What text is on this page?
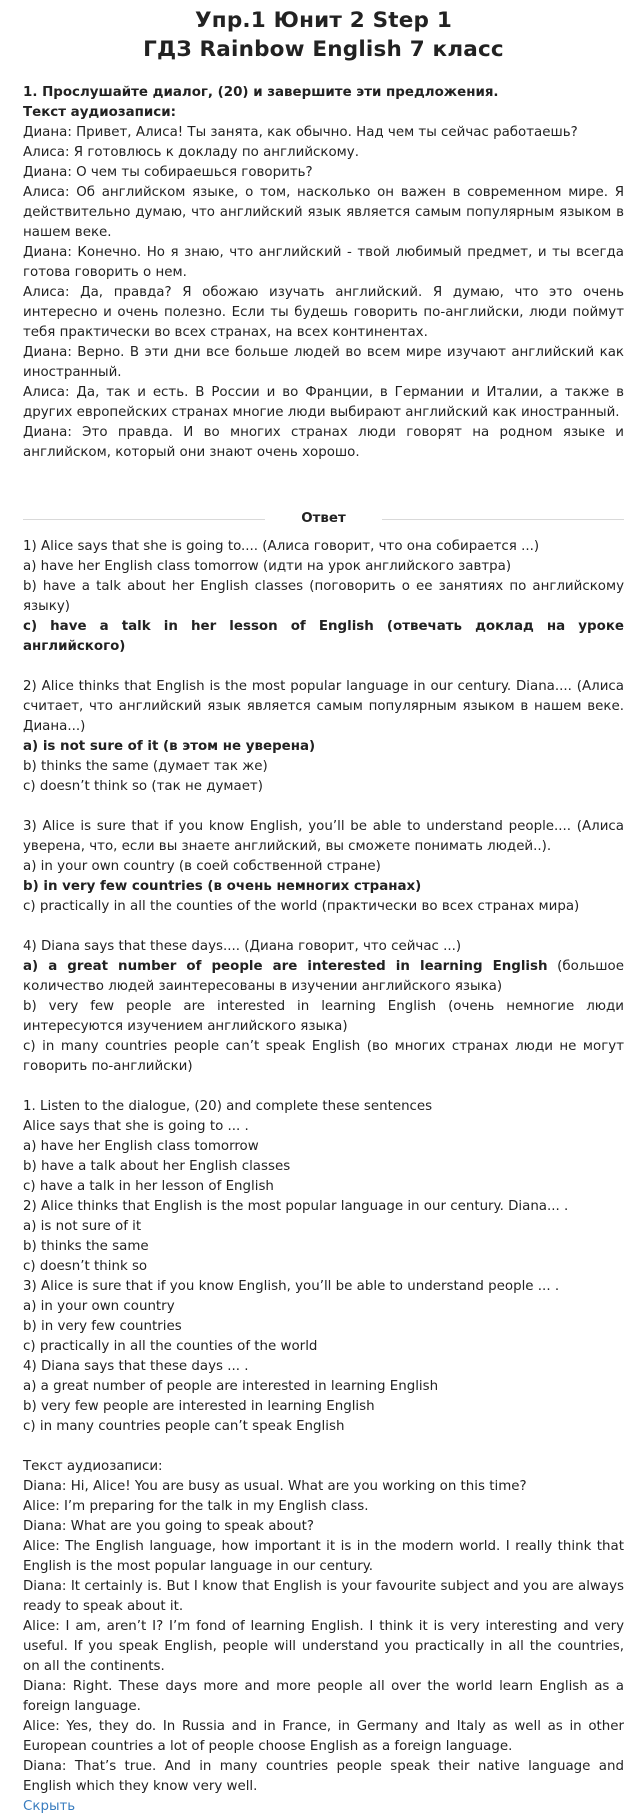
Упр.1 Юнит 2 Step 1
ГДЗ Rainbow English 7 класс

1. Прослушайте диалог, (20) и завершите эти предложения.

Текст аудиозаписи:

Диана: Привет, Алиса! Ты занята, как обычно. Над чем ты сейчас работаешь?

Алиса: Я готовлюсь к докладу по английскому.

Диана: О чем ты собираешься говорить?

Алиса: Об английском языке, о том, насколько он важен в современном мире. Я действительно думаю, что английский язык является самым популярным языком в нашем веке.

Диана: Конечно. Но я знаю, что английский - твой любимый предмет, и ты всегда готова говорить о нем.

Алиса: Да, правда? Я обожаю изучать английский. Я думаю, что это очень интересно и очень полезно. Если ты будешь говорить по-английски, люди поймут тебя практически во всех странах, на всех континентах.

Диана: Верно. В эти дни все больше людей во всем мире изучают английский как иностранный.

Алиса: Да, так и есть. В России и во Франции, в Германии и Италии, а также в других европейских странах многие люди выбирают английский как иностранный.

Диана: Это правда. И во многих странах люди говорят на родном языке и английском, который они знают очень хорошо.

Ответ

1) Alice says that she is going to.... (Алиса говорит, что она собирается ...)

a) have her English class tomorrow (идти на урок английского завтра)

b) have a talk about her English classes (поговорить о ее занятиях по английскому языку)

c) have a talk in her lesson of English (отвечать доклад на уроке английского)

2) Alice thinks that English is the most popular language in our century. Diana.... (Алиса считает, что английский язык является самым популярным языком в нашем веке. Диана...)

a) is not sure of it (в этом не уверена)

b) thinks the same (думает так же)

c) doesn’t think so (так не думает)

3) Alice is sure that if you know English, you’ll be able to understand people.... (Алиса уверена, что, если вы знаете английский, вы сможете понимать людей..).

a) in your own country (в соей собственной стране)

b) in very few countries (в очень немногих странах)

c) practically in all the counties of the world (практически во всех странах мира)

4) Diana says that these days.... (Диана говорит, что сейчас ...)

a) a great number of people are interested in learning English (большое количество людей заинтересованы в изучении английского языка)

b) very few people are interested in learning English (очень немногие люди интересуются изучением английского языка)

c) in many countries people can’t speak English (во многих странах люди не могут говорить по-английски)

1. Listen to the dialogue, (20) and complete these sentences

Alice says that she is going to ... .

a) have her English class tomorrow

b) have a talk about her English classes

c) have a talk in her lesson of English

2) Alice thinks that English is the most popular language in our century. Diana... .

a) is not sure of it

b) thinks the same

c) doesn’t think so

3) Alice is sure that if you know English, you’ll be able to understand people ... .

a) in your own country

b) in very few countries

c) practically in all the counties of the world

4) Diana says that these days ... .

a) a great number of people are interested in learning English

b) very few people are interested in learning English

c) in many countries people can’t speak English

Текст аудиозаписи:

Diana: Hi, Alice! You are busy as usual. What are you working on this time?

Alice: I’m preparing for the talk in my English class.

Diana: What are you going to speak about?

Alice: The English language, how important it is in the modern world. I really think that English is the most popular language in our century.

Diana: It certainly is. But I know that English is your favourite subject and you are always ready to speak about it.

Alice: I am, aren’t I? I’m fond of learning English. I think it is very interesting and very useful. If you speak English, people will understand you practically in all the countries, on all the continents.

Diana: Right. These days more and more people all over the world learn English as a foreign language.

Alice: Yes, they do. In Russia and in France, in Germany and Italy as well as in other European countries a lot of people choose English as a foreign language.

Diana: That’s true. And in many countries people speak their native language and English which they know very well.

Скрыть
